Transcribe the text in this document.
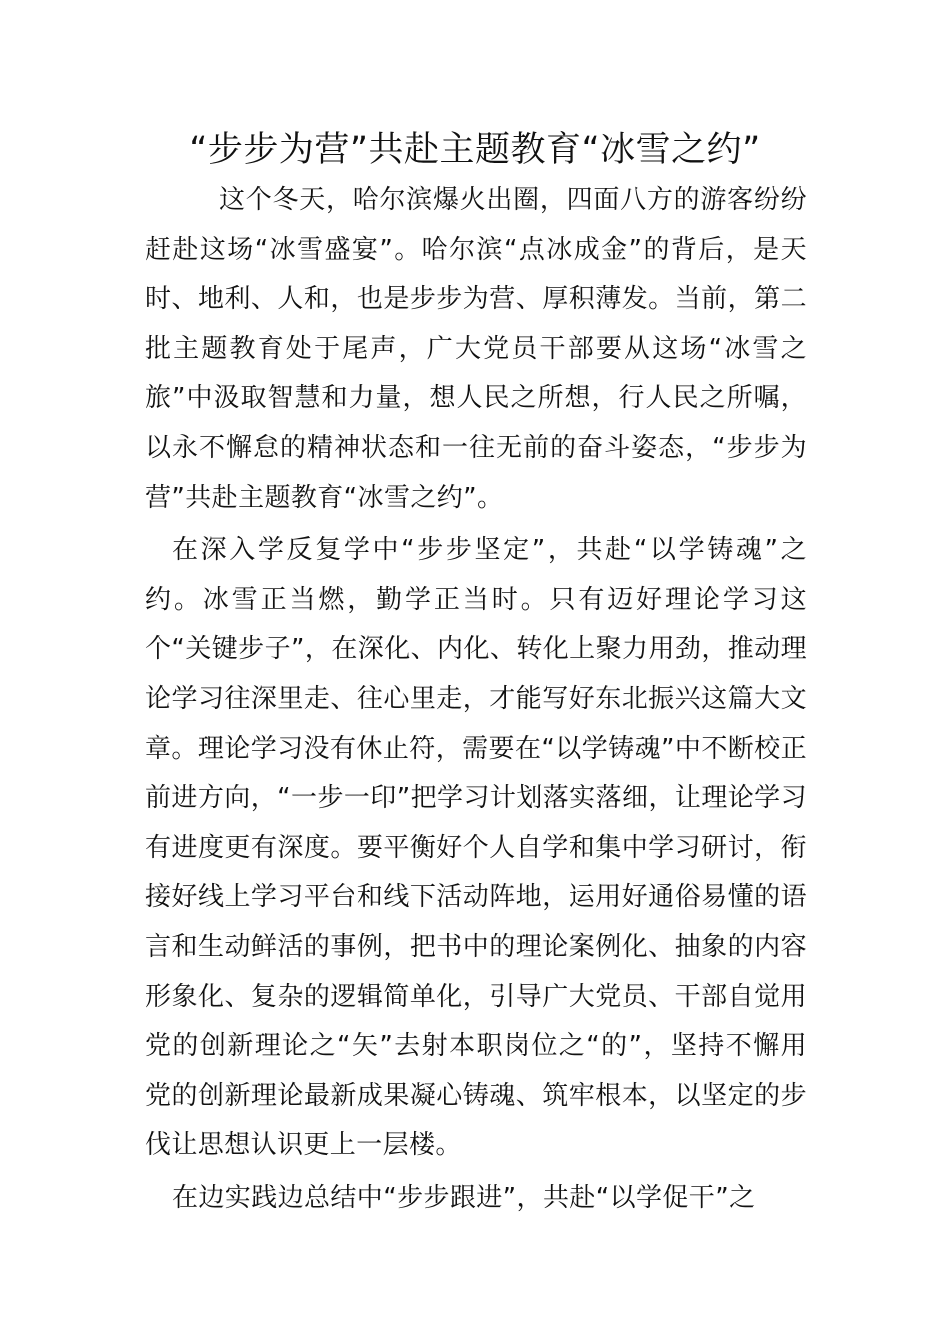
“步步为营”共赴主题教育“冰雪之约”

这个冬天，哈尔滨爆火出圈，四面八方的游客纷纷赶赴这场“冰雪盛宴”。哈尔滨“点冰成金”的背后，是天时、地利、人和，也是步步为营、厚积薄发。当前，第二批主题教育处于尾声，广大党员干部要从这场“冰雪之旅”中汲取智慧和力量，想人民之所想，行人民之所嘱，以永不懈怠的精神状态和一往无前的奋斗姿态，“步步为营”共赴主题教育“冰雪之约”。

在深入学反复学中“步步坚定”，共赴“以学铸魂”之约。冰雪正当燃，勤学正当时。只有迈好理论学习这个“关键步子”，在深化、内化、转化上聚力用劲，推动理论学习往深里走、往心里走，才能写好东北振兴这篇大文章。理论学习没有休止符，需要在“以学铸魂”中不断校正前进方向，“一步一印”把学习计划落实落细，让理论学习有进度更有深度。要平衡好个人自学和集中学习研讨，衔接好线上学习平台和线下活动阵地，运用好通俗易懂的语言和生动鲜活的事例，把书中的理论案例化、抽象的内容形象化、复杂的逻辑简单化，引导广大党员、干部自觉用党的创新理论之“矢”去射本职岗位之“的”，坚持不懈用党的创新理论最新成果凝心铸魂、筑牢根本，以坚定的步伐让思想认识更上一层楼。

在边实践边总结中“步步跟进”，共赴“以学促干”之
